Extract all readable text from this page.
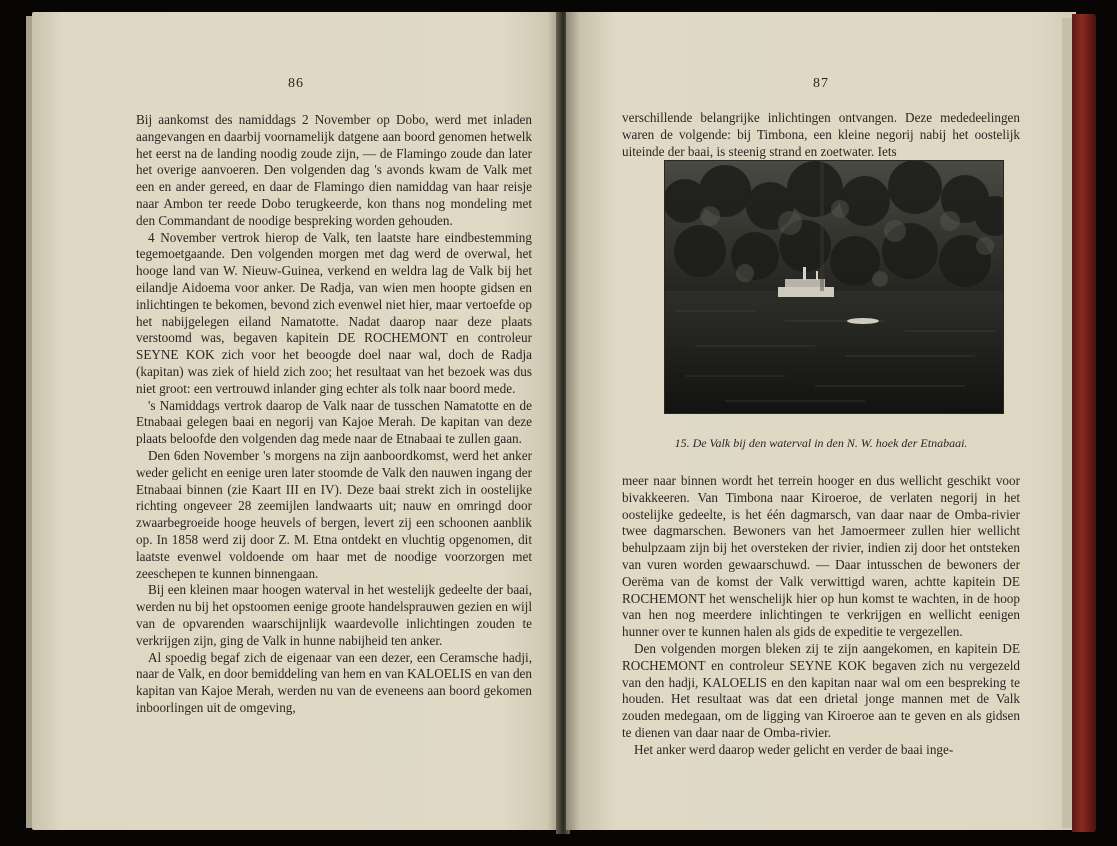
86

Bij aankomst des namiddags 2 November op Dobo, werd met inladen aangevangen en daarbij voornamelijk datgene aan boord genomen hetwelk het eerst na de landing noodig zoude zijn, — de Flamingo zoude dan later het overige aanvoeren. Den volgenden dag 's avonds kwam de Valk met een en ander gereed, en daar de Flamingo dien namiddag van haar reisje naar Ambon ter reede Dobo terugkeerde, kon thans nog mondeling met den Commandant de noodige bespreking worden gehouden.

4 November vertrok hierop de Valk, ten laatste hare eindbestemming tegemoetgaande. Den volgenden morgen met dag werd de overwal, het hooge land van W. Nieuw-Guinea, verkend en weldra lag de Valk bij het eilandje Aidoema voor anker. De Radja, van wien men hoopte gidsen en inlichtingen te bekomen, bevond zich evenwel niet hier, maar vertoefde op het nabijgelegen eiland Namatotte. Nadat daarop naar deze plaats verstoomd was, begaven kapitein DE ROCHEMONT en controleur SEYNE KOK zich voor het beoogde doel naar wal, doch de Radja (kapitan) was ziek of hield zich zoo; het resultaat van het bezoek was dus niet groot: een vertrouwd inlander ging echter als tolk naar boord mede.

's Namiddags vertrok daarop de Valk naar de tusschen Namatotte en de Etnabaai gelegen baai en negorij van Kajoe Merah. De kapitan van deze plaats beloofde den volgenden dag mede naar de Etnabaai te zullen gaan.

Den 6den November 's morgens na zijn aanboordkomst, werd het anker weder gelicht en eenige uren later stoomde de Valk den nauwen ingang der Etnabaai binnen (zie Kaart III en IV). Deze baai strekt zich in oostelijke richting ongeveer 28 zeemijlen landwaarts uit; nauw en omringd door zwaarbegroeide hooge heuvels of bergen, levert zij een schoonen aanblik op. In 1858 werd zij door Z. M. Etna ontdekt en vluchtig opgenomen, dit laatste evenwel voldoende om haar met de noodige voorzorgen met zeeschepen te kunnen binnengaan.

Bij een kleinen maar hoogen waterval in het westelijk gedeelte der baai, werden nu bij het opstoomen eenige groote handelsprauwen gezien en wijl van de opvarenden waarschijnlijk waardevolle inlichtingen zouden te verkrijgen zijn, ging de Valk in hunne nabijheid ten anker.

Al spoedig begaf zich de eigenaar van een dezer, een Ceramsche hadji, naar de Valk, en door bemiddeling van hem en van KALOELIS en van den kapitan van Kajoe Merah, werden nu van de eveneens aan boord gekomen inboorlingen uit de omgeving,

87

verschillende belangrijke inlichtingen ontvangen. Deze mededeelingen waren de volgende: bij Timbona, een kleine negorij nabij het oostelijk uiteinde der baai, is steenig strand en zoetwater. Iets

15. De Valk bij den waterval in den N. W. hoek der Etnabaai.

meer naar binnen wordt het terrein hooger en dus wellicht geschikt voor bivakkeeren. Van Timbona naar Kiroeroe, de verlaten negorij in het oostelijke gedeelte, is het één dagmarsch, van daar naar de Omba-rivier twee dagmarschen. Bewoners van het Jamoermeer zullen hier wellicht behulpzaam zijn bij het oversteken der rivier, indien zij door het ontsteken van vuren worden gewaarschuwd. — Daar intusschen de bewoners der Oerëma van de komst der Valk verwittigd waren, achtte kapitein DE ROCHEMONT het wenschelijk hier op hun komst te wachten, in de hoop van hen nog meerdere inlichtingen te verkrijgen en wellicht eenigen hunner over te kunnen halen als gids de expeditie te vergezellen.

Den volgenden morgen bleken zij te zijn aangekomen, en kapitein DE ROCHEMONT en controleur SEYNE KOK begaven zich nu vergezeld van den hadji, KALOELIS en den kapitan naar wal om een bespreking te houden. Het resultaat was dat een drietal jonge mannen met de Valk zouden medegaan, om de ligging van Kiroeroe aan te geven en als gidsen te dienen van daar naar de Omba-rivier.

Het anker werd daarop weder gelicht en verder de baai inge-
